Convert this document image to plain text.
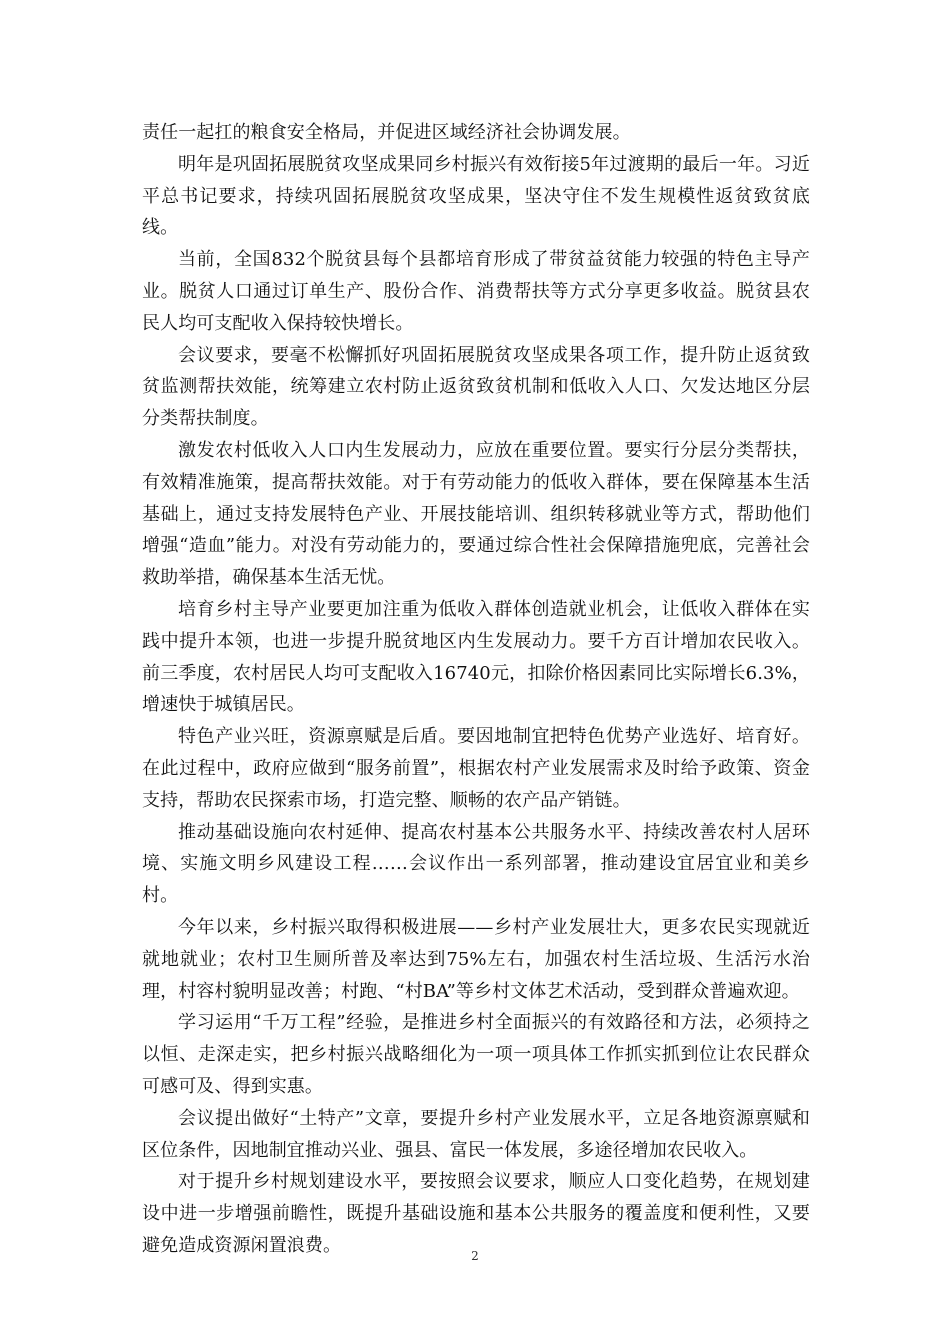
责任一起扛的粮食安全格局，并促进区域经济社会协调发展。

明年是巩固拓展脱贫攻坚成果同乡村振兴有效衔接5年过渡期的最后一年。习近平总书记要求，持续巩固拓展脱贫攻坚成果，坚决守住不发生规模性返贫致贫底线。

当前，全国832个脱贫县每个县都培育形成了带贫益贫能力较强的特色主导产业。脱贫人口通过订单生产、股份合作、消费帮扶等方式分享更多收益。脱贫县农民人均可支配收入保持较快增长。

会议要求，要毫不松懈抓好巩固拓展脱贫攻坚成果各项工作，提升防止返贫致贫监测帮扶效能，统筹建立农村防止返贫致贫机制和低收入人口、欠发达地区分层分类帮扶制度。

激发农村低收入人口内生发展动力，应放在重要位置。要实行分层分类帮扶，有效精准施策，提高帮扶效能。对于有劳动能力的低收入群体，要在保障基本生活基础上，通过支持发展特色产业、开展技能培训、组织转移就业等方式，帮助他们增强“造血”能力。对没有劳动能力的，要通过综合性社会保障措施兜底，完善社会救助举措，确保基本生活无忧。

培育乡村主导产业要更加注重为低收入群体创造就业机会，让低收入群体在实践中提升本领，也进一步提升脱贫地区内生发展动力。要千方百计增加农民收入。前三季度，农村居民人均可支配收入16740元，扣除价格因素同比实际增长6.3%，增速快于城镇居民。

特色产业兴旺，资源禀赋是后盾。要因地制宜把特色优势产业选好、培育好。在此过程中，政府应做到“服务前置”，根据农村产业发展需求及时给予政策、资金支持，帮助农民探索市场，打造完整、顺畅的农产品产销链。

推动基础设施向农村延伸、提高农村基本公共服务水平、持续改善农村人居环境、实施文明乡风建设工程……会议作出一系列部署，推动建设宜居宜业和美乡村。

今年以来，乡村振兴取得积极进展——乡村产业发展壮大，更多农民实现就近就地就业；农村卫生厕所普及率达到75%左右，加强农村生活垃圾、生活污水治理，村容村貌明显改善；村跑、“村BA”等乡村文体艺术活动，受到群众普遍欢迎。

学习运用“千万工程”经验，是推进乡村全面振兴的有效路径和方法，必须持之以恒、走深走实，把乡村振兴战略细化为一项一项具体工作抓实抓到位让农民群众可感可及、得到实惠。

会议提出做好“土特产”文章，要提升乡村产业发展水平，立足各地资源禀赋和区位条件，因地制宜推动兴业、强县、富民一体发展，多途径增加农民收入。

对于提升乡村规划建设水平，要按照会议要求，顺应人口变化趋势，在规划建设中进一步增强前瞻性，既提升基础设施和基本公共服务的覆盖度和便利性，又要避免造成资源闲置浪费。

2
